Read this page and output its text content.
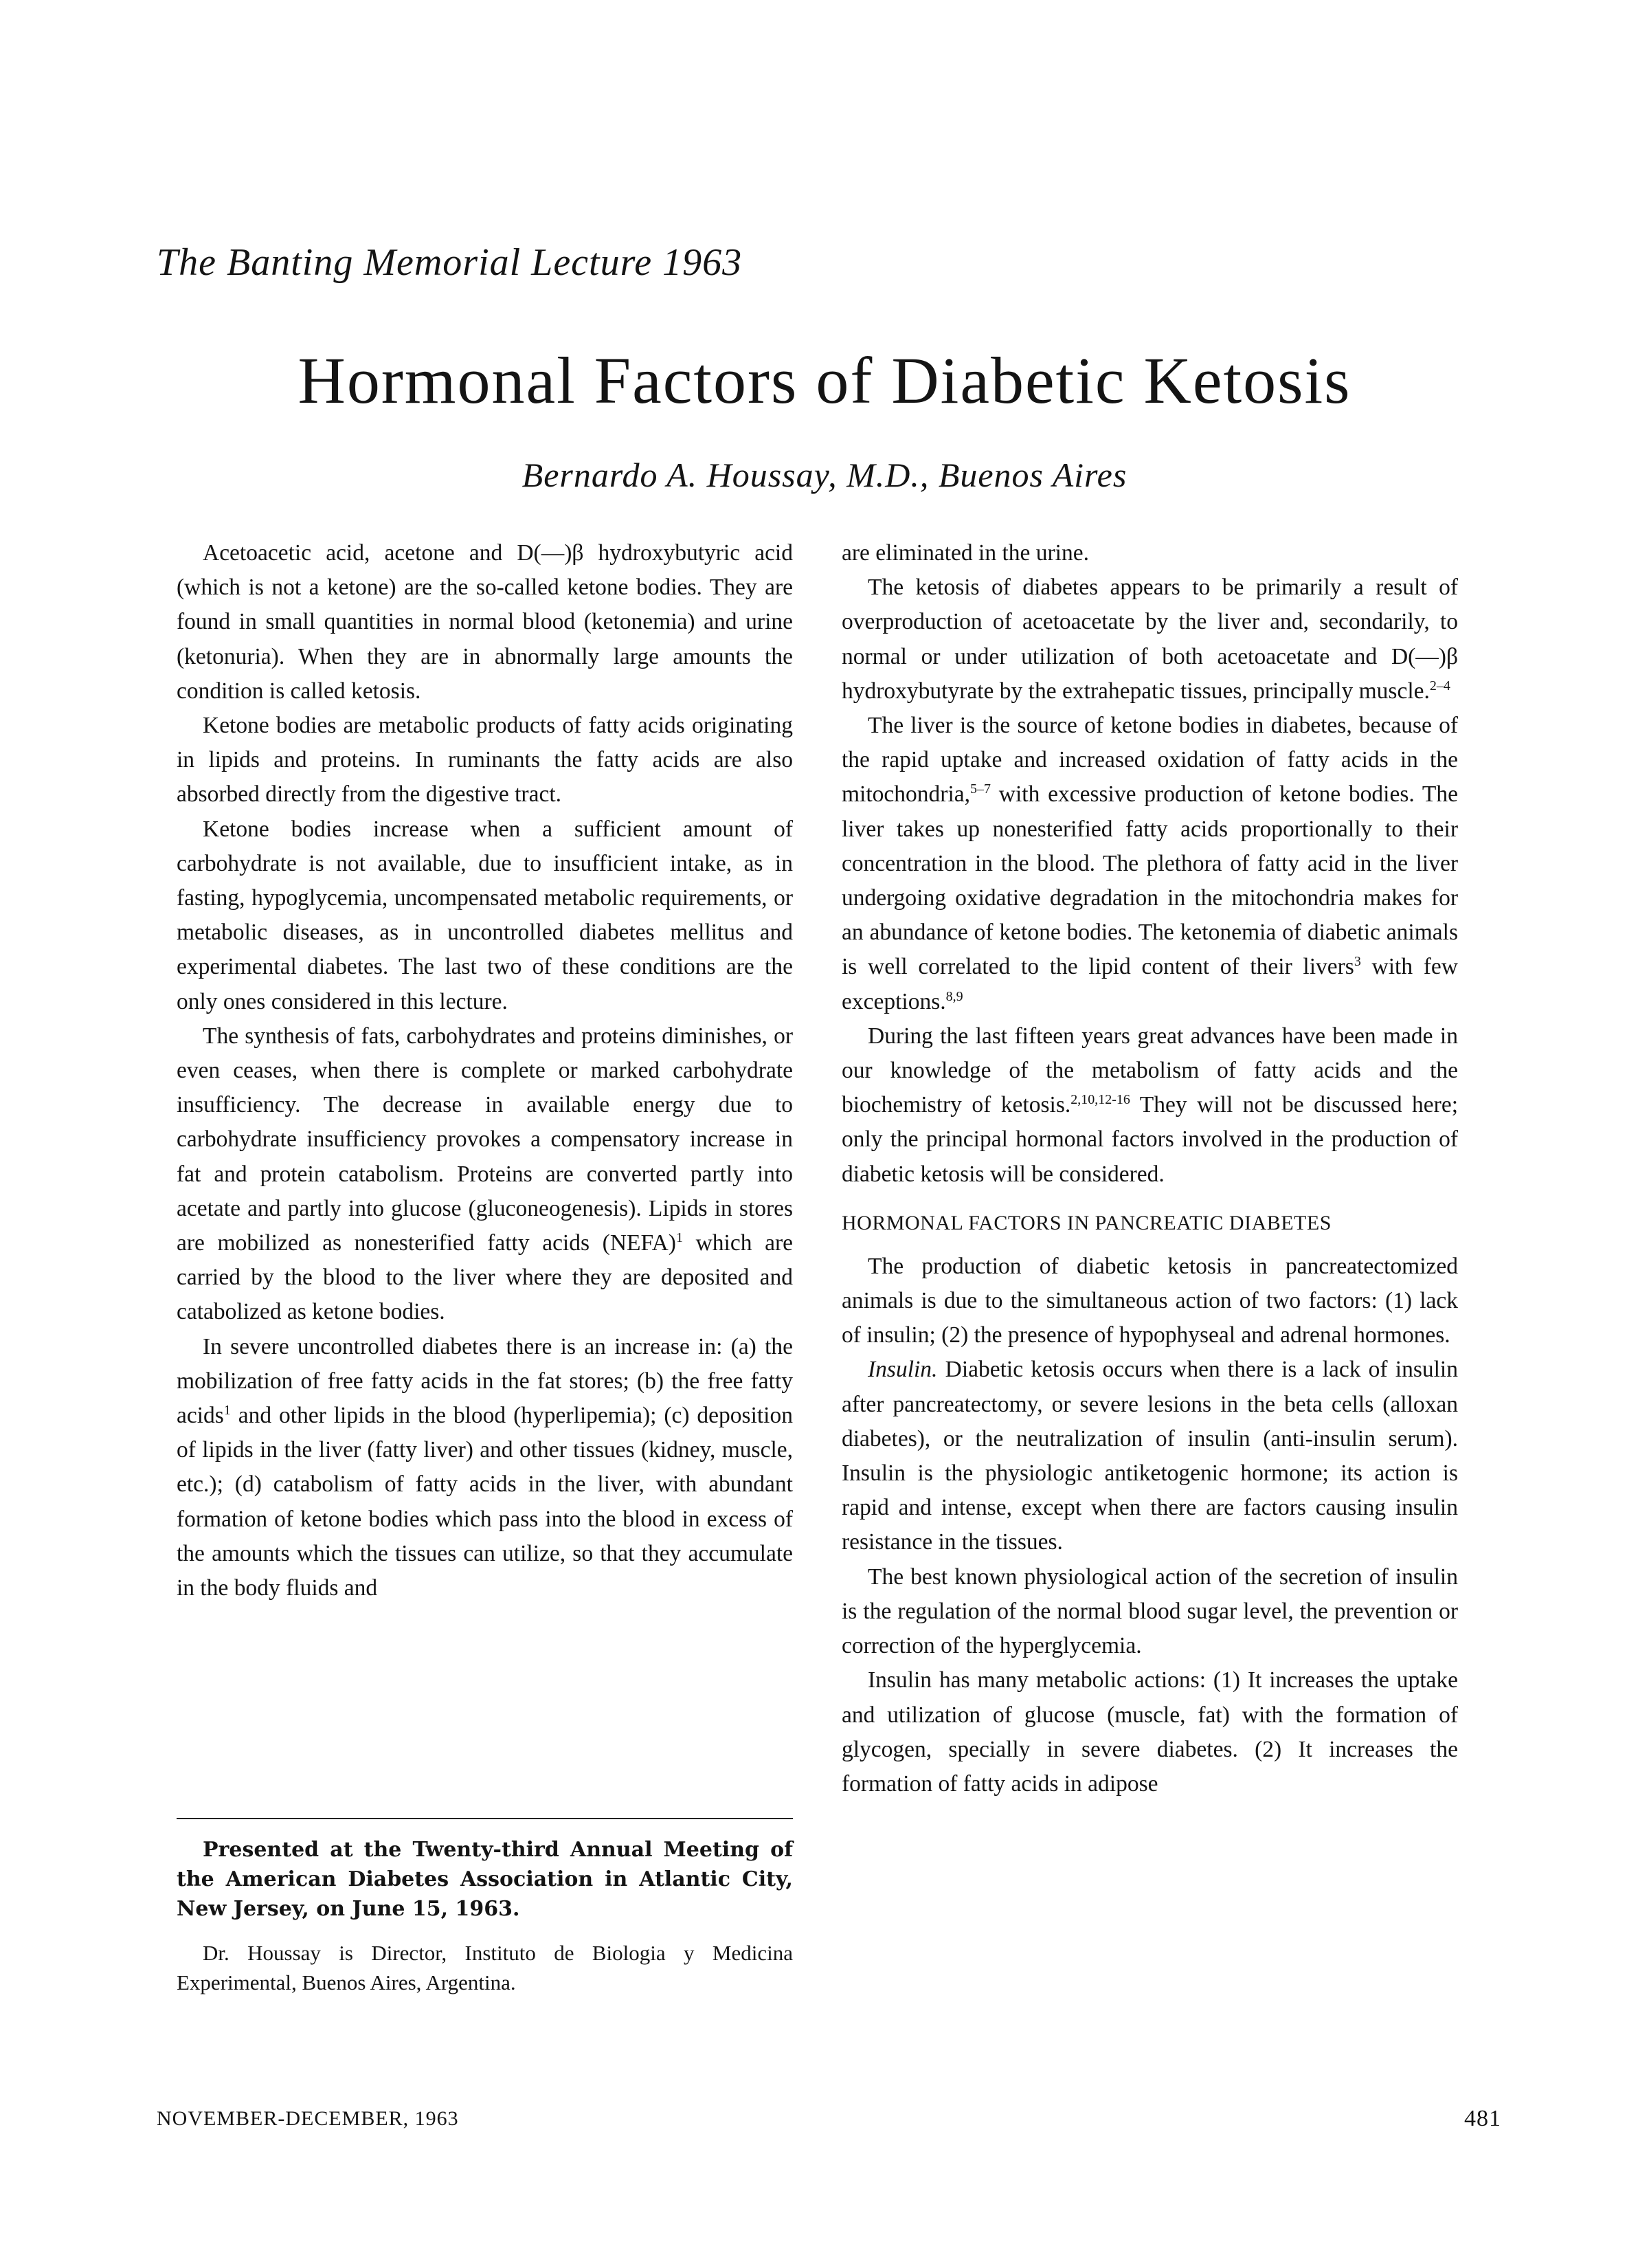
The Banting Memorial Lecture 1963
Hormonal Factors of Diabetic Ketosis
Bernardo A. Houssay, M.D., Buenos Aires

Acetoacetic acid, acetone and D(—)β hydroxybutyric acid (which is not a ketone) are the so-called ketone bodies. They are found in small quantities in normal blood (ketonemia) and urine (ketonuria). When they are in abnormally large amounts the condition is called ketosis.

Ketone bodies are metabolic products of fatty acids originating in lipids and proteins. In ruminants the fatty acids are also absorbed directly from the digestive tract.

Ketone bodies increase when a sufficient amount of carbohydrate is not available, due to insufficient intake, as in fasting, hypoglycemia, uncompensated metabolic requirements, or metabolic diseases, as in uncontrolled diabetes mellitus and experimental diabetes. The last two of these conditions are the only ones considered in this lecture.

The synthesis of fats, carbohydrates and proteins diminishes, or even ceases, when there is complete or marked carbohydrate insufficiency. The decrease in available energy due to carbohydrate insufficiency provokes a compensatory increase in fat and protein catabolism. Proteins are converted partly into acetate and partly into glucose (gluconeogenesis). Lipids in stores are mobilized as nonesterified fatty acids (NEFA)$^1$ which are carried by the blood to the liver where they are deposited and catabolized as ketone bodies.

In severe uncontrolled diabetes there is an increase in: (a) the mobilization of free fatty acids in the fat stores; (b) the free fatty acids$^1$ and other lipids in the blood (hyperlipemia); (c) deposition of lipids in the liver (fatty liver) and other tissues (kidney, muscle, etc.); (d) catabolism of fatty acids in the liver, with abundant formation of ketone bodies which pass into the blood in excess of the amounts which the tissues can utilize, so that they accumulate in the body fluids and

are eliminated in the urine.

The ketosis of diabetes appears to be primarily a result of overproduction of acetoacetate by the liver and, secondarily, to normal or under utilization of both acetoacetate and D(—)β hydroxybutyrate by the extrahepatic tissues, principally muscle.$^{2-4}$

The liver is the source of ketone bodies in diabetes, because of the rapid uptake and increased oxidation of fatty acids in the mitochondria,$^{5-7}$ with excessive production of ketone bodies. The liver takes up nonesterified fatty acids proportionally to their concentration in the blood. The plethora of fatty acid in the liver undergoing oxidative degradation in the mitochondria makes for an abundance of ketone bodies. The ketonemia of diabetic animals is well correlated to the lipid content of their livers$^3$ with few exceptions.$^{8,9}$

During the last fifteen years great advances have been made in our knowledge of the metabolism of fatty acids and the biochemistry of ketosis.$^{2,10,12-16}$ They will not be discussed here; only the principal hormonal factors involved in the production of diabetic ketosis will be considered.

HORMONAL FACTORS IN PANCREATIC DIABETES

The production of diabetic ketosis in pancreatectomized animals is due to the simultaneous action of two factors: (1) lack of insulin; (2) the presence of hypophyseal and adrenal hormones.

Insulin. Diabetic ketosis occurs when there is a lack of insulin after pancreatectomy, or severe lesions in the beta cells (alloxan diabetes), or the neutralization of insulin (anti-insulin serum). Insulin is the physiologic antiketogenic hormone; its action is rapid and intense, except when there are factors causing insulin resistance in the tissues.

The best known physiological action of the secretion of insulin is the regulation of the normal blood sugar level, the prevention or correction of the hyperglycemia.

Insulin has many metabolic actions: (1) It increases the uptake and utilization of glucose (muscle, fat) with the formation of glycogen, specially in severe diabetes. (2) It increases the formation of fatty acids in adipose

Presented at the Twenty-third Annual Meeting of the American Diabetes Association in Atlantic City, New Jersey, on June 15, 1963.
Dr. Houssay is Director, Instituto de Biologia y Medicina Experimental, Buenos Aires, Argentina.
NOVEMBER-DECEMBER, 1963	481
